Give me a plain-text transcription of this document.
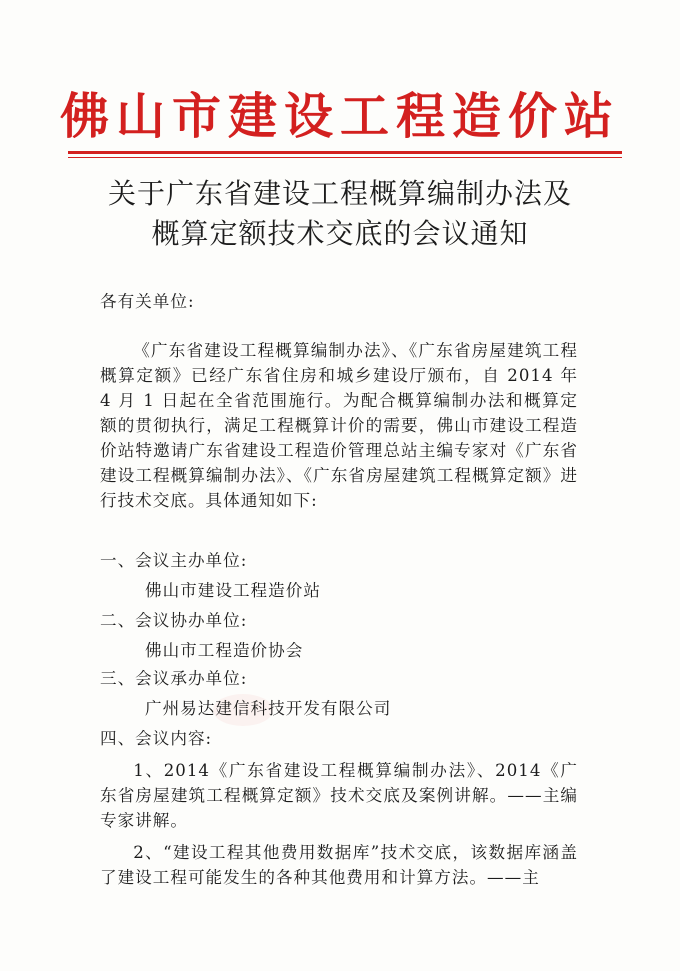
佛山市建设工程造价站
关于广东省建设工程概算编制办法及
概算定额技术交底的会议通知
各有关单位:

《广东省建设工程概算编制办法》、《广东省房屋建筑工程概算定额》已经广东省住房和城乡建设厅颁布，自 2014 年 4 月 1 日起在全省范围施行。为配合概算编制办法和概算定额的贯彻执行，满足工程概算计价的需要，佛山市建设工程造价站特邀请广东省建设工程造价管理总站主编专家对《广东省建设工程概算编制办法》、《广东省房屋建筑工程概算定额》进行技术交底。具体通知如下:

一、会议主办单位:
佛山市建设工程造价站
二、会议协办单位:
佛山市工程造价协会
三、会议承办单位:
广州易达建信科技开发有限公司
四、会议内容:

1、2014《广东省建设工程概算编制办法》、2014《广东省房屋建筑工程概算定额》技术交底及案例讲解。——主编专家讲解。

2、“建设工程其他费用数据库”技术交底，该数据库涵盖了建设工程可能发生的各种其他费用和计算方法。——主
